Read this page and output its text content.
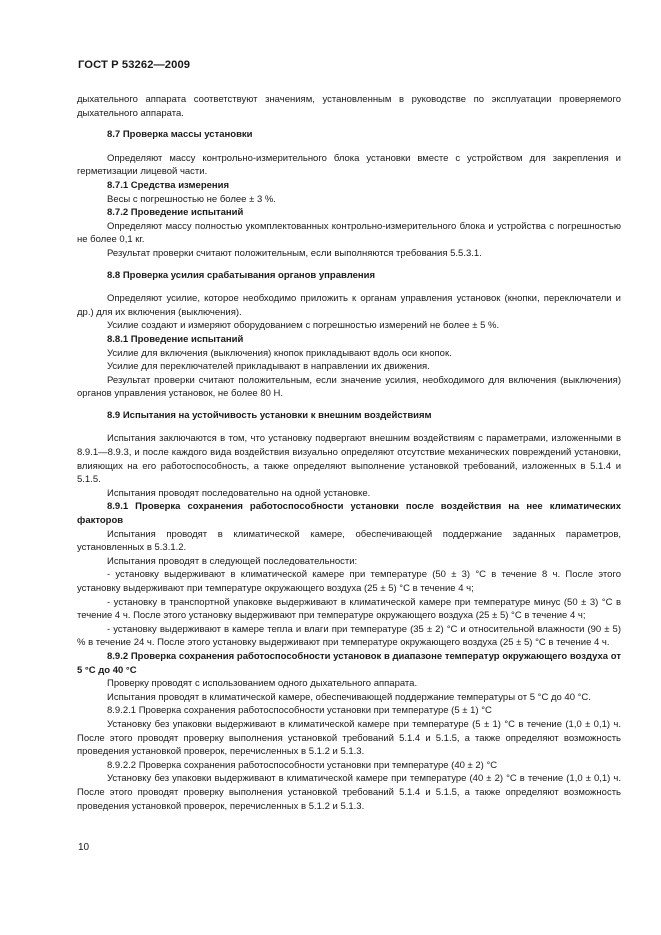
ГОСТ Р 53262—2009

дыхательного аппарата соответствуют значениям, установленным в руководстве по эксплуатации проверяемого дыхательного аппарата.

8.7 Проверка массы установки

Определяют массу контрольно-измерительного блока установки вместе с устройством для закрепления и герметизации лицевой части.

8.7.1 Средства измерения

Весы с погрешностью не более ± 3 %.

8.7.2 Проведение испытаний

Определяют массу полностью укомплектованных контрольно-измерительного блока и устройства с погрешностью не более 0,1 кг.

Результат проверки считают положительным, если выполняются требования 5.5.3.1.

8.8 Проверка усилия срабатывания органов управления

Определяют усилие, которое необходимо приложить к органам управления установок (кнопки, переключатели и др.) для их включения (выключения).

Усилие создают и измеряют оборудованием с погрешностью измерений не более ± 5 %.

8.8.1 Проведение испытаний

Усилие для включения (выключения) кнопок прикладывают вдоль оси кнопок.

Усилие для переключателей прикладывают в направлении их движения.

Результат проверки считают положительным, если значение усилия, необходимого для включения (выключения) органов управления установок, не более 80 Н.

8.9 Испытания на устойчивость установки к внешним воздействиям

Испытания заключаются в том, что установку подвергают внешним воздействиям с параметрами, изложенными в 8.9.1—8.9.3, и после каждого вида воздействия визуально определяют отсутствие механических повреждений установки, влияющих на его работоспособность, а также определяют выполнение установкой требований, изложенных в 5.1.4 и 5.1.5.

Испытания проводят последовательно на одной установке.

8.9.1 Проверка сохранения работоспособности установки после воздействия на нее климатических факторов

Испытания проводят в климатической камере, обеспечивающей поддержание заданных параметров, установленных в 5.3.1.2.

Испытания проводят в следующей последовательности:

- установку выдерживают в климатической камере при температуре (50 ± 3) °С в течение 8 ч. После этого установку выдерживают при температуре окружающего воздуха (25 ± 5) °С в течение 4 ч;

- установку в транспортной упаковке выдерживают в климатической камере при температуре минус (50 ± 3) °С в течение 4 ч. После этого установку выдерживают при температуре окружающего воздуха (25 ± 5) °С в течение 4 ч;

- установку выдерживают в камере тепла и влаги при температуре (35 ± 2) °С и относительной влажности (90 ± 5) % в течение 24 ч. После этого установку выдерживают при температуре окружающего воздуха (25 ± 5) °С в течение 4 ч.

8.9.2 Проверка сохранения работоспособности установок в диапазоне температур окружающего воздуха от 5 °С до 40 °С

Проверку проводят с использованием одного дыхательного аппарата.

Испытания проводят в климатической камере, обеспечивающей поддержание температуры от 5 °С до 40 °С.

8.9.2.1 Проверка сохранения работоспособности установки при температуре (5 ± 1) °С

Установку без упаковки выдерживают в климатической камере при температуре (5 ± 1) °С в течение (1,0 ± 0,1) ч. После этого проводят проверку выполнения установкой требований 5.1.4 и 5.1.5, а также определяют возможность проведения установкой проверок, перечисленных в 5.1.2 и 5.1.3.

8.9.2.2 Проверка сохранения работоспособности установки при температуре (40 ± 2) °С

Установку без упаковки выдерживают в климатической камере при температуре (40 ± 2) °С в течение (1,0 ± 0,1) ч. После этого проводят проверку выполнения установкой требований 5.1.4 и 5.1.5, а также определяют возможность проведения установкой проверок, перечисленных в 5.1.2 и 5.1.3.

10
